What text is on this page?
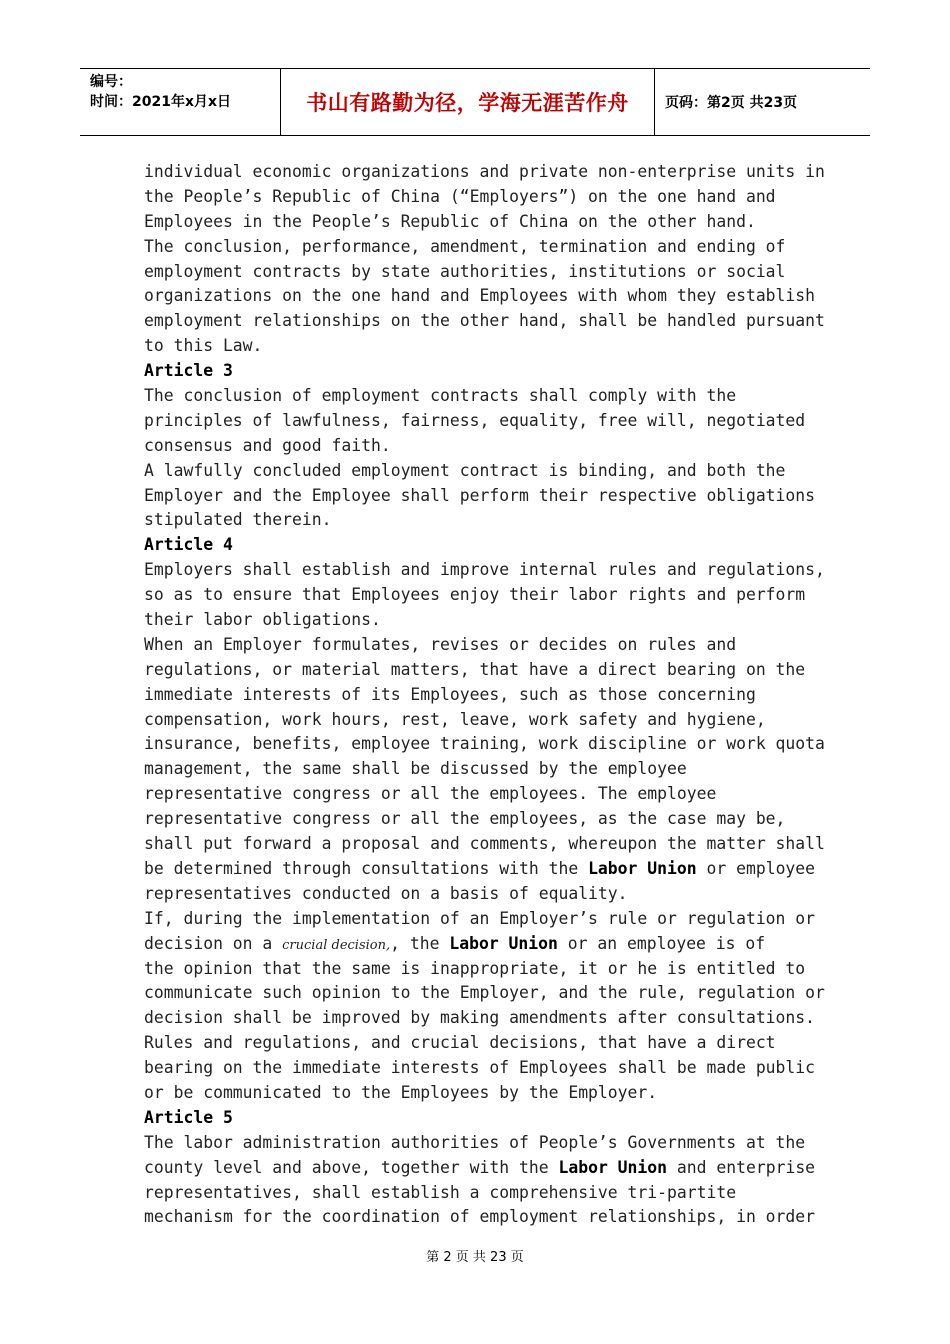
编号：
时间：2021年x月x日	书山有路勤为径，学海无涯苦作舟	页码：第2页 共23页
individual economic organizations and private non-enterprise units in
the People’s Republic of China (“Employers”) on the one hand and
Employees in the People’s Republic of China on the other hand.
The conclusion, performance, amendment, termination and ending of
employment contracts by state authorities, institutions or social
organizations on the one hand and Employees with whom they establish
employment relationships on the other hand, shall be handled pursuant
to this Law.
Article 3
The conclusion of employment contracts shall comply with the
principles of lawfulness, fairness, equality, free will, negotiated
consensus and good faith.
A lawfully concluded employment contract is binding, and both the
Employer and the Employee shall perform their respective obligations
stipulated therein.
Article 4
Employers shall establish and improve internal rules and regulations,
so as to ensure that Employees enjoy their labor rights and perform
their labor obligations.
When an Employer formulates, revises or decides on rules and
regulations, or material matters, that have a direct bearing on the
immediate interests of its Employees, such as those concerning
compensation, work hours, rest, leave, work safety and hygiene,
insurance, benefits, employee training, work discipline or work quota
management, the same shall be discussed by the employee
representative congress or all the employees. The employee
representative congress or all the employees, as the case may be,
shall put forward a proposal and comments, whereupon the matter shall
be determined through consultations with the Labor Union or employee
representatives conducted on a basis of equality.
If, during the implementation of an Employer’s rule or regulation or
decision on a crucial decision,, the Labor Union or an employee is of
the opinion that the same is inappropriate, it or he is entitled to
communicate such opinion to the Employer, and the rule, regulation or
decision shall be improved by making amendments after consultations.
Rules and regulations, and crucial decisions, that have a direct
bearing on the immediate interests of Employees shall be made public
or be communicated to the Employees by the Employer.
Article 5
The labor administration authorities of People’s Governments at the
county level and above, together with the Labor Union and enterprise
representatives, shall establish a comprehensive tri-partite
mechanism for the coordination of employment relationships, in order
第 2 页 共 23 页
